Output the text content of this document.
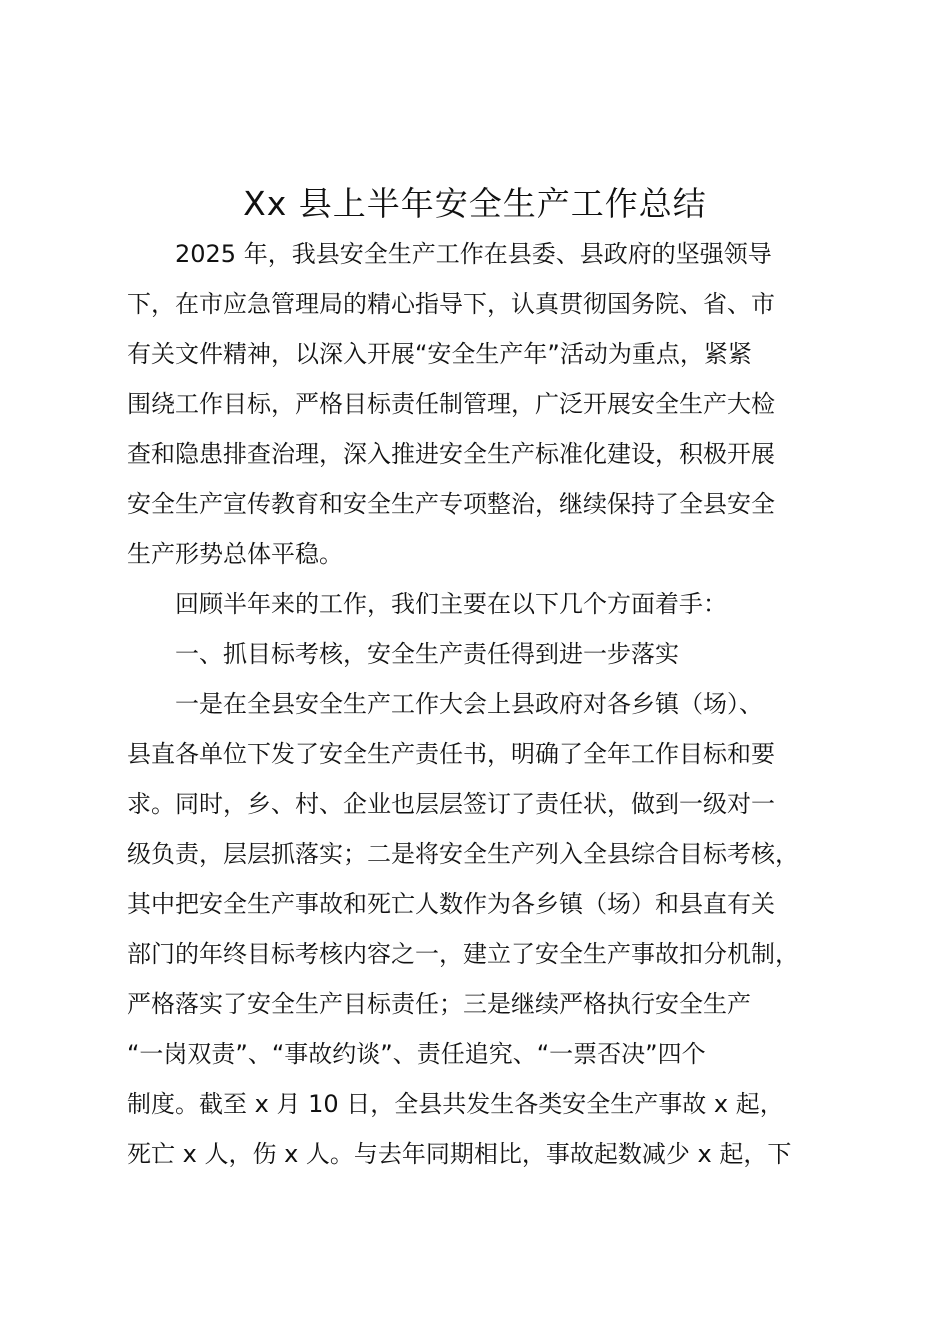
Xx 县上半年安全生产工作总结
　　2025 年，我县安全生产工作在县委、县政府的坚强领导
下，在市应急管理局的精心指导下，认真贯彻国务院、省、市
有关文件精神，以深入开展“安全生产年”活动为重点，紧紧
围绕工作目标，严格目标责任制管理，广泛开展安全生产大检
查和隐患排查治理，深入推进安全生产标准化建设，积极开展
安全生产宣传教育和安全生产专项整治，继续保持了全县安全
生产形势总体平稳。
　　回顾半年来的工作，我们主要在以下几个方面着手：
　　一、抓目标考核，安全生产责任得到进一步落实
　　一是在全县安全生产工作大会上县政府对各乡镇（场）、
县直各单位下发了安全生产责任书，明确了全年工作目标和要
求。同时，乡、村、企业也层层签订了责任状，做到一级对一
级负责，层层抓落实；二是将安全生产列入全县综合目标考核，
其中把安全生产事故和死亡人数作为各乡镇（场）和县直有关
部门的年终目标考核内容之一，建立了安全生产事故扣分机制，
严格落实了安全生产目标责任；三是继续严格执行安全生产
“一岗双责”、“事故约谈”、责任追究、“一票否决”四个
制度。截至 x 月 10 日，全县共发生各类安全生产事故 x 起，
死亡 x 人，伤 x 人。与去年同期相比，事故起数减少 x 起，下
